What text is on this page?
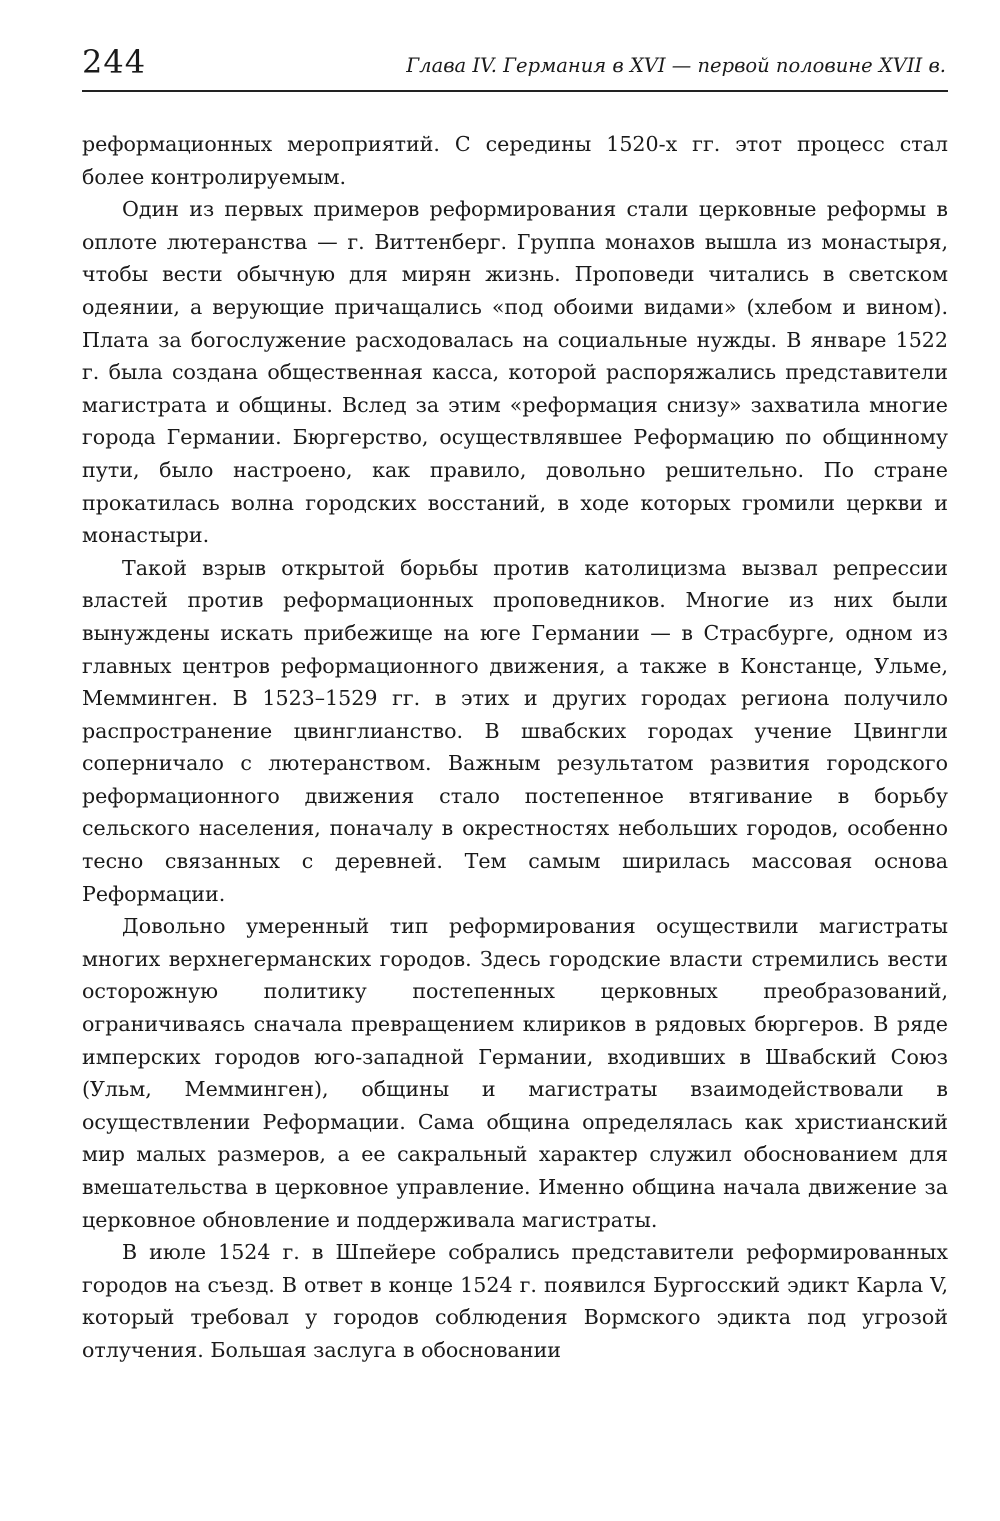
244	Глава IV. Германия в XVI — первой половине XVII в.

реформационных мероприятий. С середины 1520-х гг. этот процесс стал более контролируемым.

Один из первых примеров реформирования стали церковные реформы в оплоте лютеранства — г. Виттенберг. Группа монахов вышла из монастыря, чтобы вести обычную для мирян жизнь. Проповеди читались в светском одеянии, а верующие причащались «под обоими видами» (хлебом и вином). Плата за богослужение расходовалась на социальные нужды. В январе 1522 г. была создана общественная касса, которой распоряжались представители магистрата и общины. Вслед за этим «реформация снизу» захватила многие города Германии. Бюргерство, осуществлявшее Реформацию по общинному пути, было настроено, как правило, довольно решительно. По стране прокатилась волна городских восстаний, в ходе которых громили церкви и монастыри.

Такой взрыв открытой борьбы против католицизма вызвал репрессии властей против реформационных проповедников. Многие из них были вынуждены искать прибежище на юге Германии — в Страсбурге, одном из главных центров реформационного движения, а также в Констанце, Ульме, Мемминген. В 1523–1529 гг. в этих и других городах региона получило распространение цвинглианство. В швабских городах учение Цвингли соперничало с лютеранством. Важным результатом развития городского реформационного движения стало постепенное втягивание в борьбу сельского населения, поначалу в окрестностях небольших городов, особенно тесно связанных с деревней. Тем самым ширилась массовая основа Реформации.

Довольно умеренный тип реформирования осуществили магистраты многих верхнегерманских городов. Здесь городские власти стремились вести осторожную политику постепенных церковных преобразований, ограничиваясь сначала превращением клириков в рядовых бюргеров. В ряде имперских городов юго-западной Германии, входивших в Швабский Союз (Ульм, Мемминген), общины и магистраты взаимодействовали в осуществлении Реформации. Сама община определялась как христианский мир малых размеров, а ее сакральный характер служил обоснованием для вмешательства в церковное управление. Именно община начала движение за церковное обновление и поддерживала магистраты.

В июле 1524 г. в Шпейере собрались представители реформированных городов на съезд. В ответ в конце 1524 г. появился Бургосский эдикт Карла V, который требовал у городов соблюдения Вормского эдикта под угрозой отлучения. Большая заслуга в обосновании
